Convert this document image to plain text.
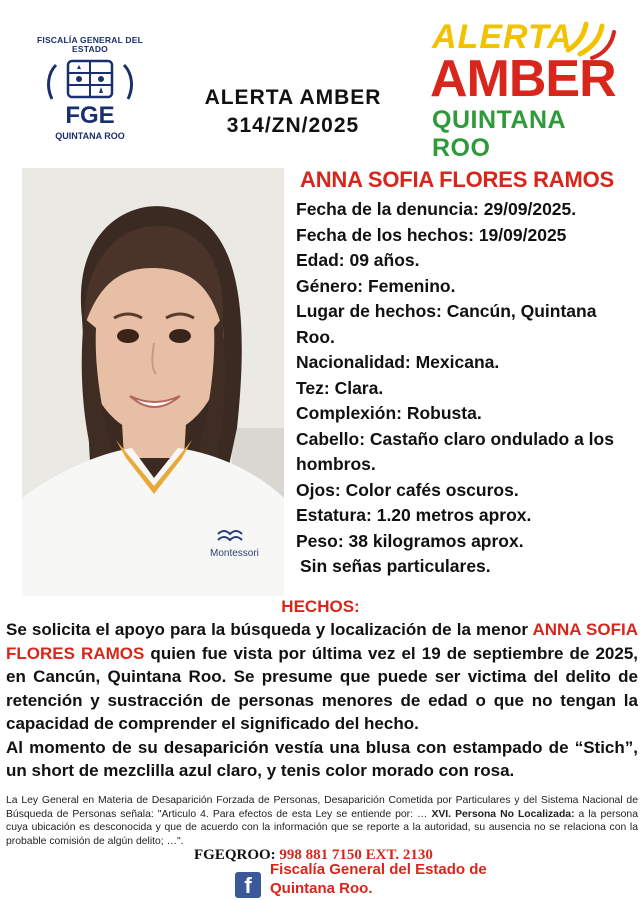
FISCALÍA GENERAL DEL ESTADO
FGE
QUINTANA ROO
ALERTA AMBER
314/ZN/2025
ALERTA
AMBER
QUINTANA ROO
Montessori
ANNA SOFIA FLORES RAMOS
Fecha de la denuncia: 29/09/2025.
Fecha de los hechos: 19/09/2025
Edad: 09 años.
Género: Femenino.
Lugar de hechos: Cancún, Quintana Roo.
Nacionalidad: Mexicana.
Tez: Clara.
Complexión: Robusta.
Cabello: Castaño claro ondulado a los hombros.
Ojos: Color cafés oscuros.
Estatura: 1.20 metros aprox.
Peso: 38 kilogramos aprox.
Sin señas particulares.
HECHOS:

Se solicita el apoyo para la búsqueda y localización de la menor ANNA SOFIA FLORES RAMOS quien fue vista por última vez el 19 de septiembre de 2025, en Cancún, Quintana Roo. Se presume que puede ser victima del delito de retención y sustracción de personas menores de edad o que no tengan la capacidad de comprender el significado del hecho.

Al momento de su desaparición vestía una blusa con estampado de “Stich”, un short de mezclilla azul claro, y tenis color morado con rosa.

La Ley General en Materia de Desaparición Forzada de Personas, Desaparición Cometida por Particulares y del Sistema Nacional de Búsqueda de Personas señala: "Articulo 4. Para efectos de esta Ley se entiende por: … XVI. Persona No Localizada: a la persona cuya ubicación es desconocida y que de acuerdo con la información que se reporte a la autoridad, su ausencia no se relaciona con la probable comisión de algún delito; …".
FGEQROO: 998 881 7150 EXT. 2130
f
Fiscalía General del Estado de
Quintana Roo.
